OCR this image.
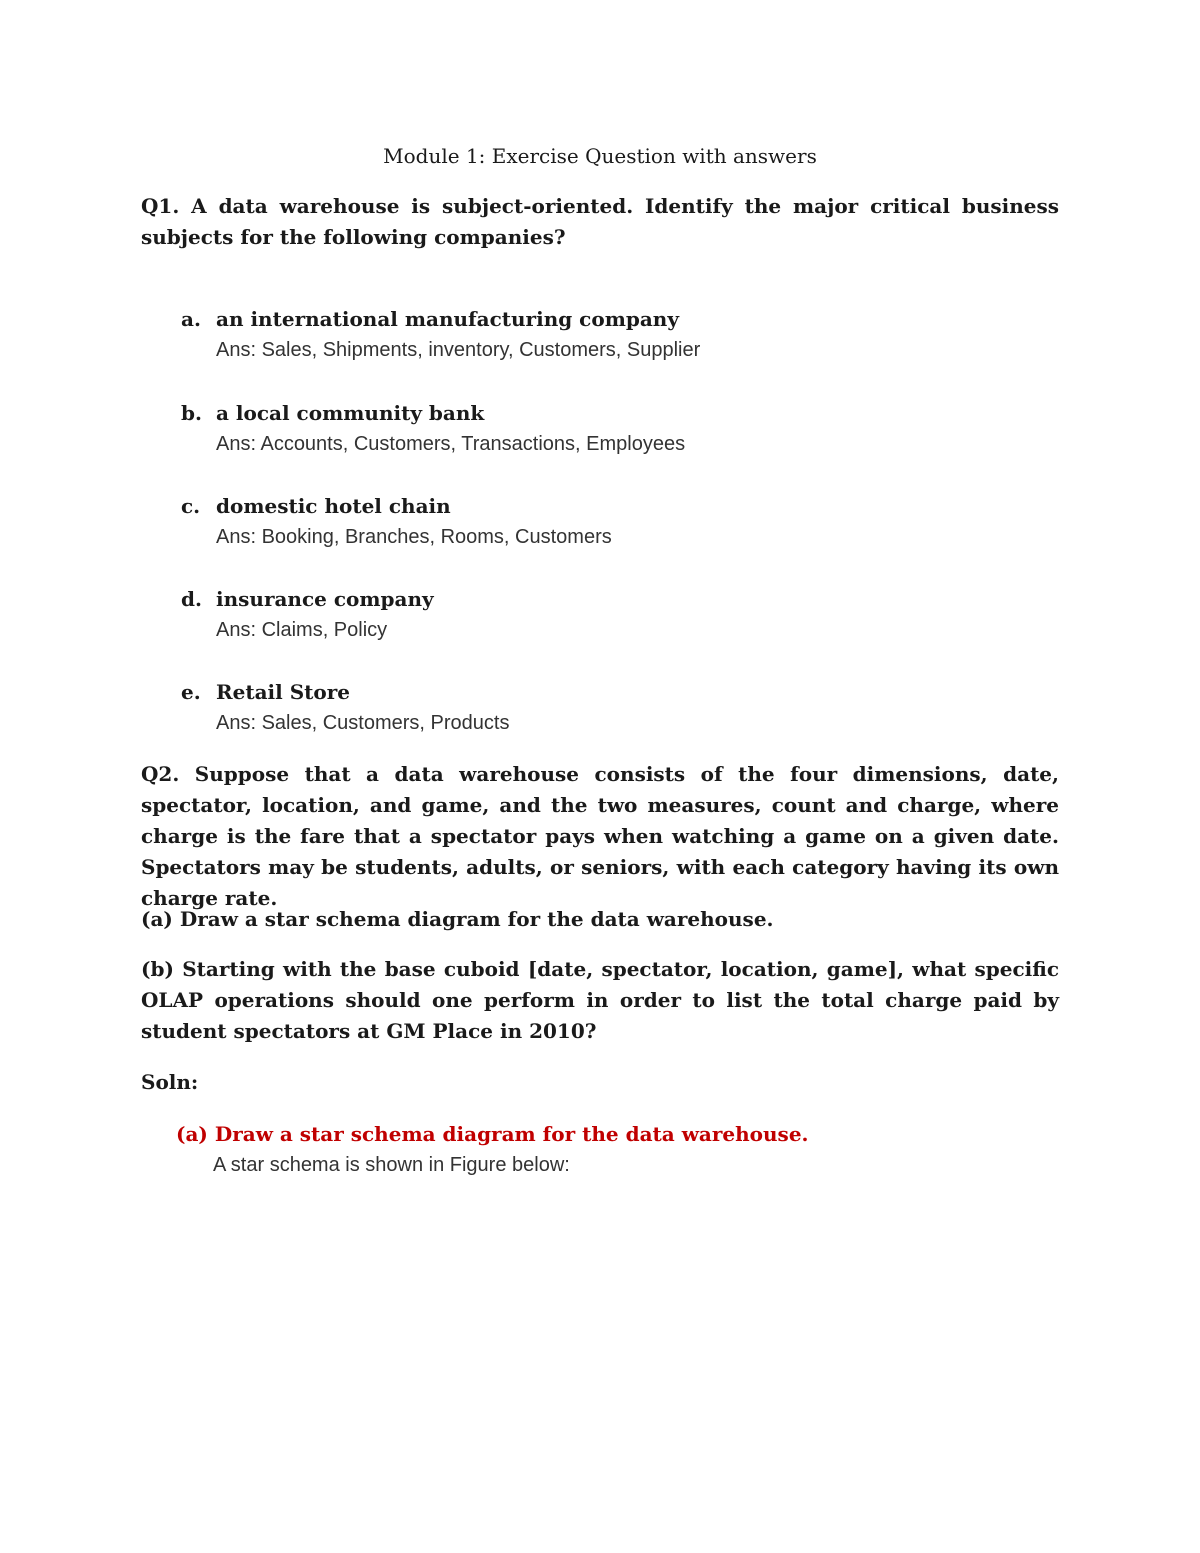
Module 1: Exercise Question with answers
Q1. A data warehouse is subject-oriented. Identify the major critical business subjects for the following companies?
a. an international manufacturing company
Ans: Sales, Shipments, inventory, Customers, Supplier
b. a local community bank
Ans: Accounts, Customers, Transactions, Employees
c. domestic hotel chain
Ans: Booking, Branches, Rooms, Customers
d. insurance company
Ans: Claims, Policy
e. Retail Store
Ans: Sales, Customers, Products
Q2. Suppose that a data warehouse consists of the four dimensions, date, spectator, location, and game, and the two measures, count and charge, where charge is the fare that a spectator pays when watching a game on a given date. Spectators may be students, adults, or seniors, with each category having its own charge rate.
(a) Draw a star schema diagram for the data warehouse.
(b) Starting with the base cuboid [date, spectator, location, game], what specific OLAP operations should one perform in order to list the total charge paid by student spectators at GM Place in 2010?
Soln:
(a) Draw a star schema diagram for the data warehouse.
A star schema is shown in Figure below:
